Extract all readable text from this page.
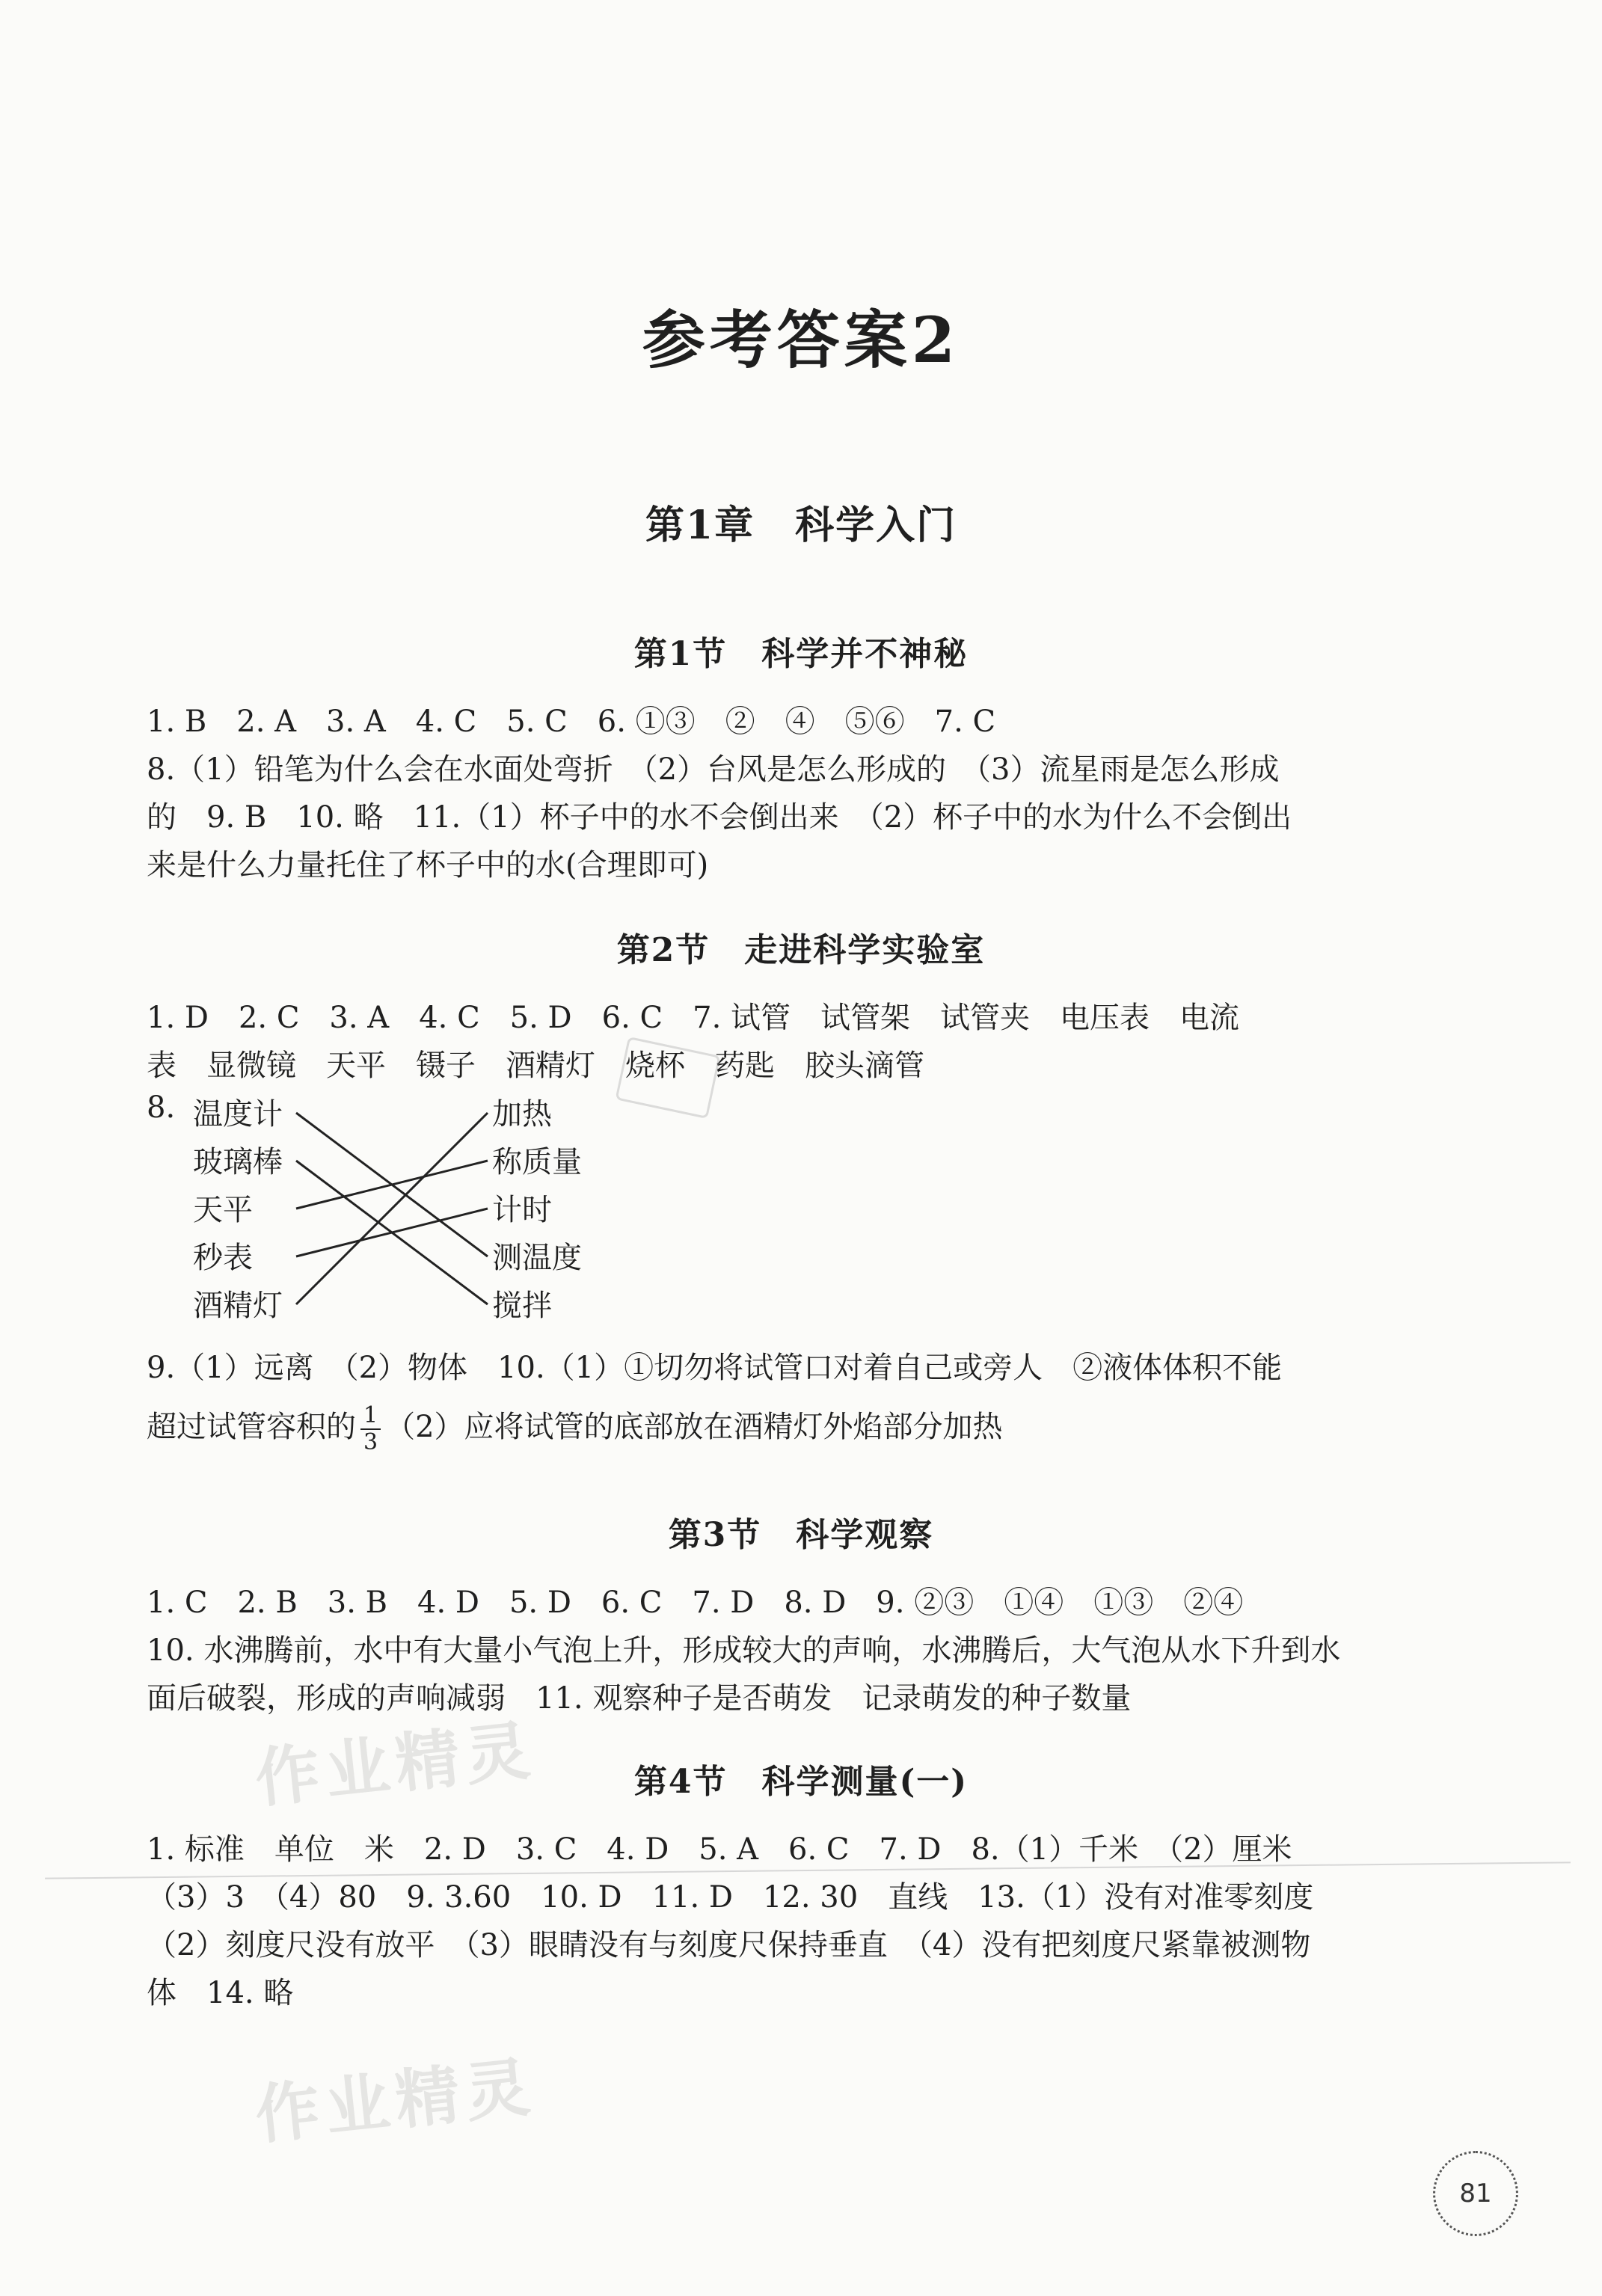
参考答案2
第1章　科学入门
第1节　科学并不神秘
1. B　2. A　3. A　4. C　5. C　6. ①③　②　④　⑤⑥　7. C
8.（1）铅笔为什么会在水面处弯折　（2）台风是怎么形成的　（3）流星雨是怎么形成
的　9. B　10. 略　11.（1）杯子中的水不会倒出来　（2）杯子中的水为什么不会倒出
来是什么力量托住了杯子中的水(合理即可)
第2节　走进科学实验室
1. D　2. C　3. A　4. C　5. D　6. C　7. 试管　试管架　试管夹　电压表　电流
表　显微镜　天平　镊子　酒精灯　烧杯　药匙　胶头滴管
8. 温度计
玻璃棒
天平
秒表
酒精灯
加热
称质量
计时
测温度
搅拌
9.（1）远离　（2）物体　10.（1）①切勿将试管口对着自己或旁人　②液体体积不能
超过试管容积的 $\frac{1}{3} (2)$应将试管的底部放在酒精灯外焰部分加热
第3节　科学观察
1. C　2. B　3. B　4. D　5. D　6. C　7. D　8. D　9. ②③　①④　①③　②④
10. 水沸腾前，水中有大量小气泡上升，形成较大的声响，水沸腾后，大气泡从水下升到水
面后破裂，形成的声响减弱　11. 观察种子是否萌发　记录萌发的种子数量
作业精灵	第4节　科学测量(一)
1. 标准　单位　米　2. D　3. C　4. D　5. A　6. C　7. D　8.（1）千米　（2）厘米
（3）3　（4）80　9. 3.60　10. D　11. D　12. 30　直线　13.（1）没有对准零刻度
（2）刻度尺没有放平　（3）眼睛没有与刻度尺保持垂直　（4）没有把刻度尺紧靠被测物
体　14. 略
作业精灵
81
